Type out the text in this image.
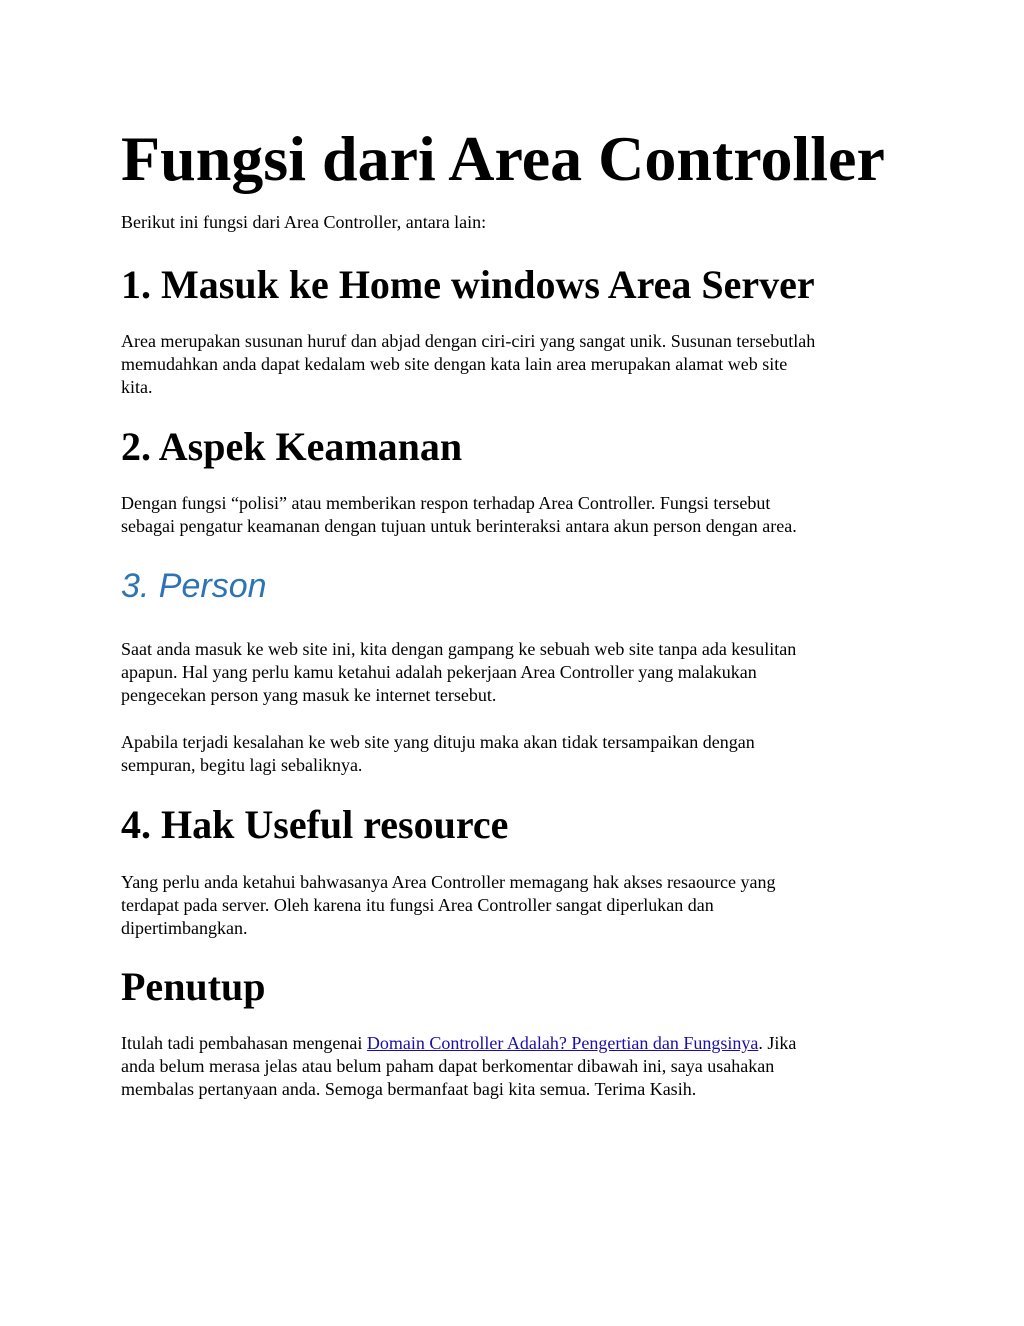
Fungsi dari Area Controller

Berikut ini fungsi dari Area Controller, antara lain:

1. Masuk ke Home windows Area Server

Area merupakan susunan huruf dan abjad dengan ciri-ciri yang sangat unik. Susunan tersebutlah
memudahkan anda dapat kedalam web site dengan kata lain area merupakan alamat web site
kita.

2. Aspek Keamanan

Dengan fungsi “polisi” atau memberikan respon terhadap Area Controller. Fungsi tersebut
sebagai pengatur keamanan dengan tujuan untuk berinteraksi antara akun person dengan area.

3. Person

Saat anda masuk ke web site ini, kita dengan gampang ke sebuah web site tanpa ada kesulitan
apapun. Hal yang perlu kamu ketahui adalah pekerjaan Area Controller yang malakukan
pengecekan person yang masuk ke internet tersebut.

Apabila terjadi kesalahan ke web site yang dituju maka akan tidak tersampaikan dengan
sempuran, begitu lagi sebaliknya.

4. Hak Useful resource

Yang perlu anda ketahui bahwasanya Area Controller memagang hak akses resaource yang
terdapat pada server. Oleh karena itu fungsi Area Controller sangat diperlukan dan
dipertimbangkan.

Penutup

Itulah tadi pembahasan mengenai Domain Controller Adalah? Pengertian dan Fungsinya. Jika
anda belum merasa jelas atau belum paham dapat berkomentar dibawah ini, saya usahakan
membalas pertanyaan anda. Semoga bermanfaat bagi kita semua. Terima Kasih.
